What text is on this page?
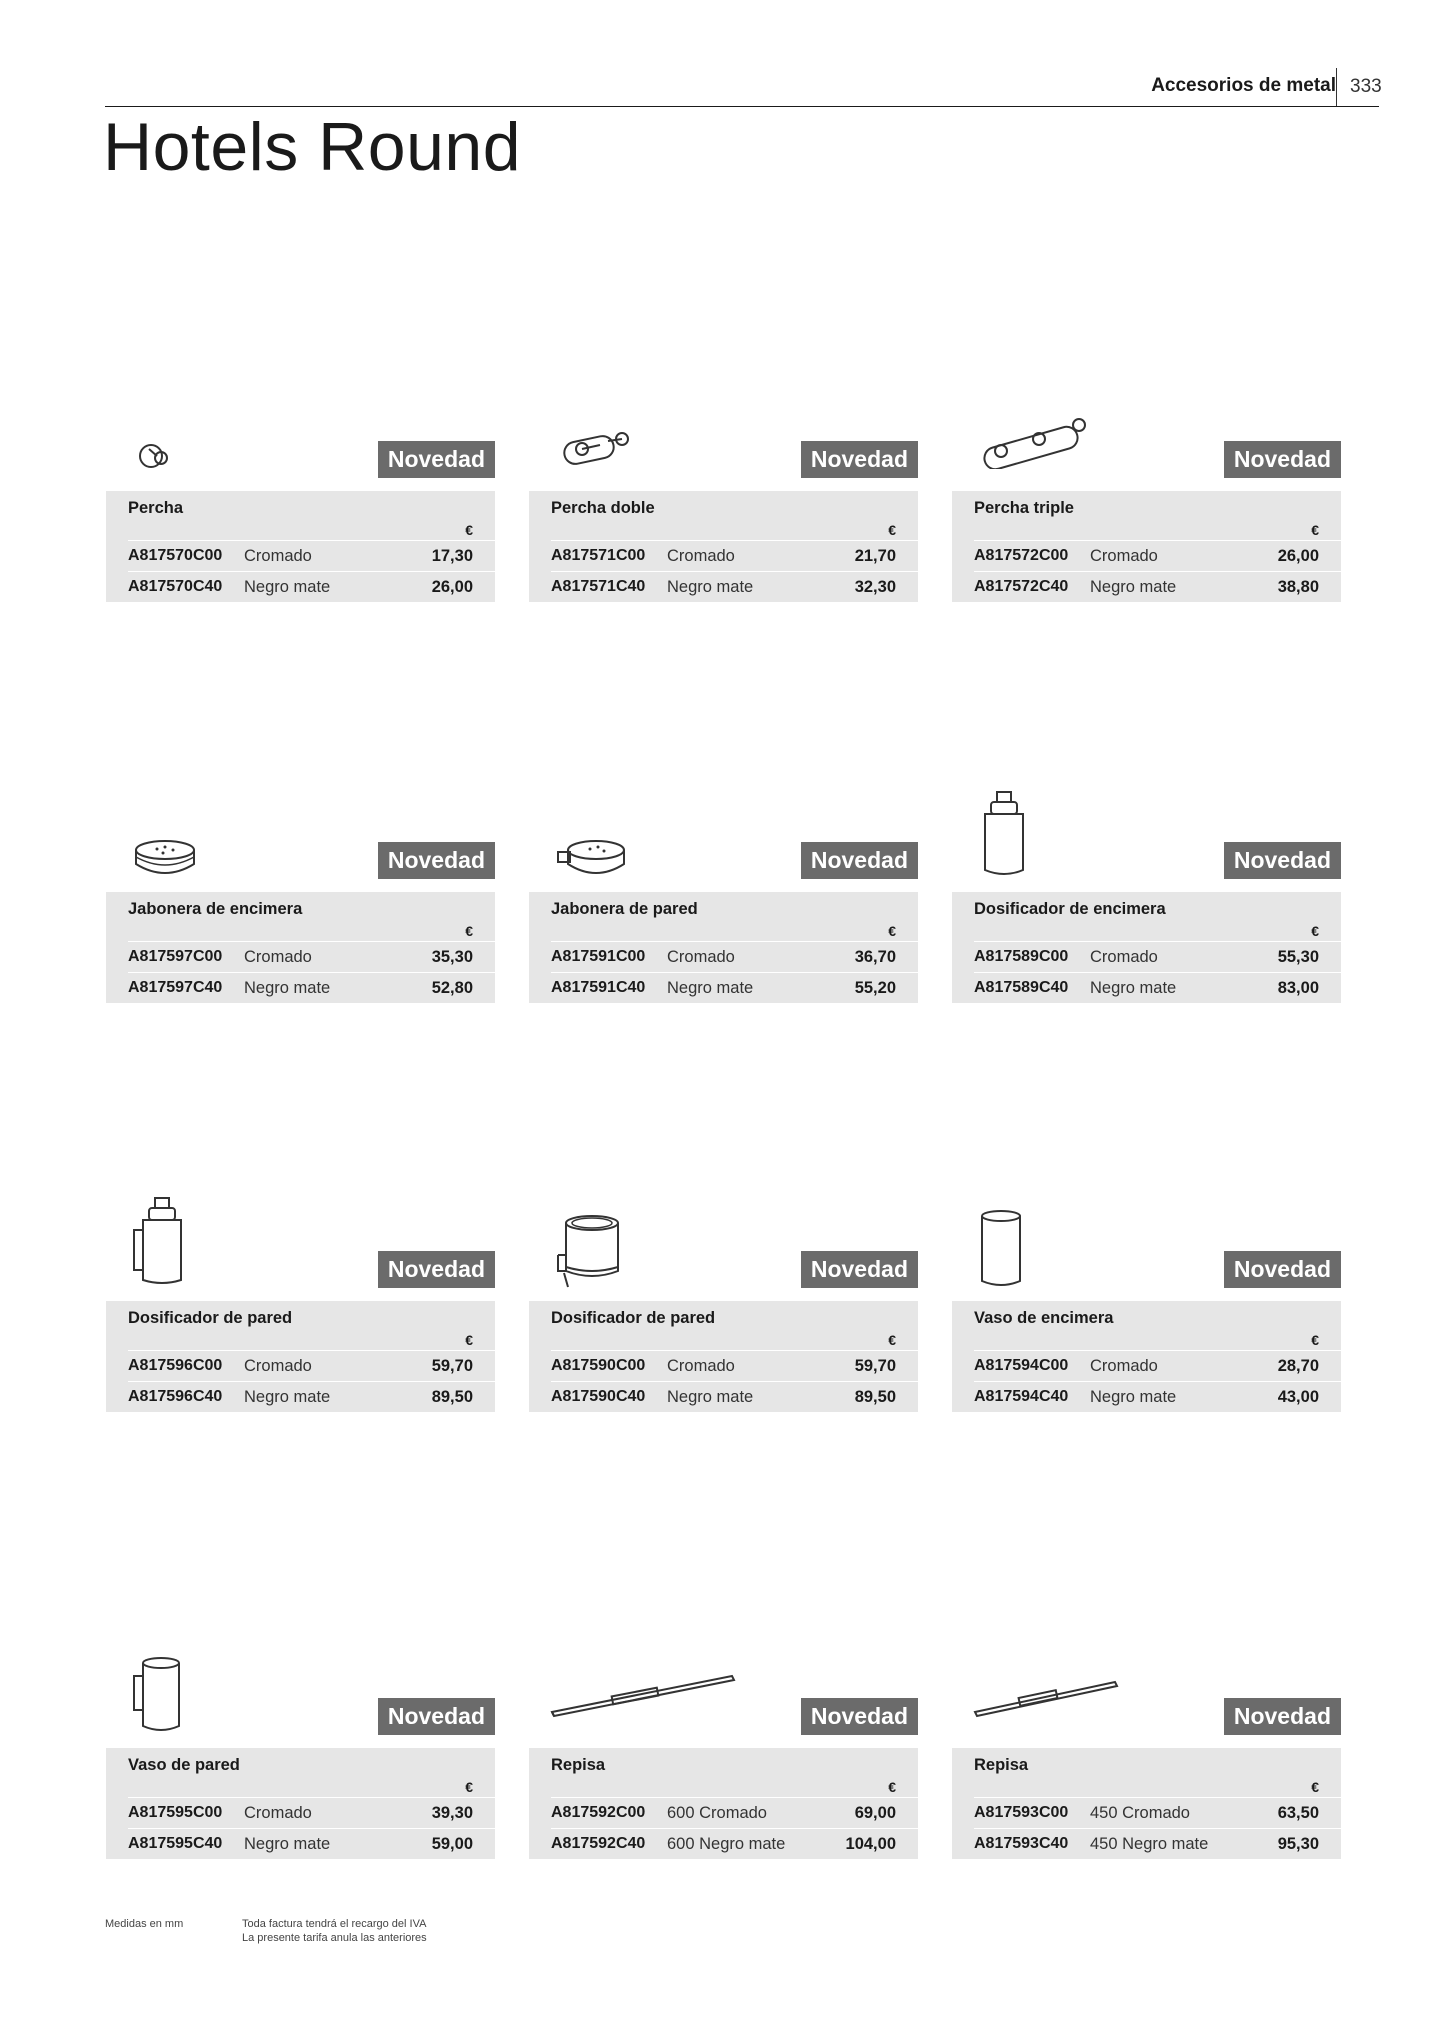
Accesorios de metal 333
Hotels Round
Novedad
Percha
€
A817570C00	Cromado	17,30
A817570C40	Negro mate	26,00
Novedad
Percha doble
€
A817571C00	Cromado	21,70
A817571C40	Negro mate	32,30
Novedad
Percha triple
€
A817572C00	Cromado	26,00
A817572C40	Negro mate	38,80
Novedad
Jabonera de encimera
€
A817597C00	Cromado	35,30
A817597C40	Negro mate	52,80
Novedad
Jabonera de pared
€
A817591C00	Cromado	36,70
A817591C40	Negro mate	55,20
Novedad
Dosificador de encimera
€
A817589C00	Cromado	55,30
A817589C40	Negro mate	83,00
Novedad
Dosificador de pared
€
A817596C00	Cromado	59,70
A817596C40	Negro mate	89,50
Novedad
Dosificador de pared
€
A817590C00	Cromado	59,70
A817590C40	Negro mate	89,50
Novedad
Vaso de encimera
€
A817594C00	Cromado	28,70
A817594C40	Negro mate	43,00
Novedad
Vaso de pared
€
A817595C00	Cromado	39,30
A817595C40	Negro mate	59,00
Novedad
Repisa
€
A817592C00	600 Cromado	69,00
A817592C40	600 Negro mate	104,00
Novedad
Repisa
€
A817593C00	450 Cromado	63,50
A817593C40	450 Negro mate	95,30
Medidas en mm	Toda factura tendrá el recargo del IVA
La presente tarifa anula las anteriores
